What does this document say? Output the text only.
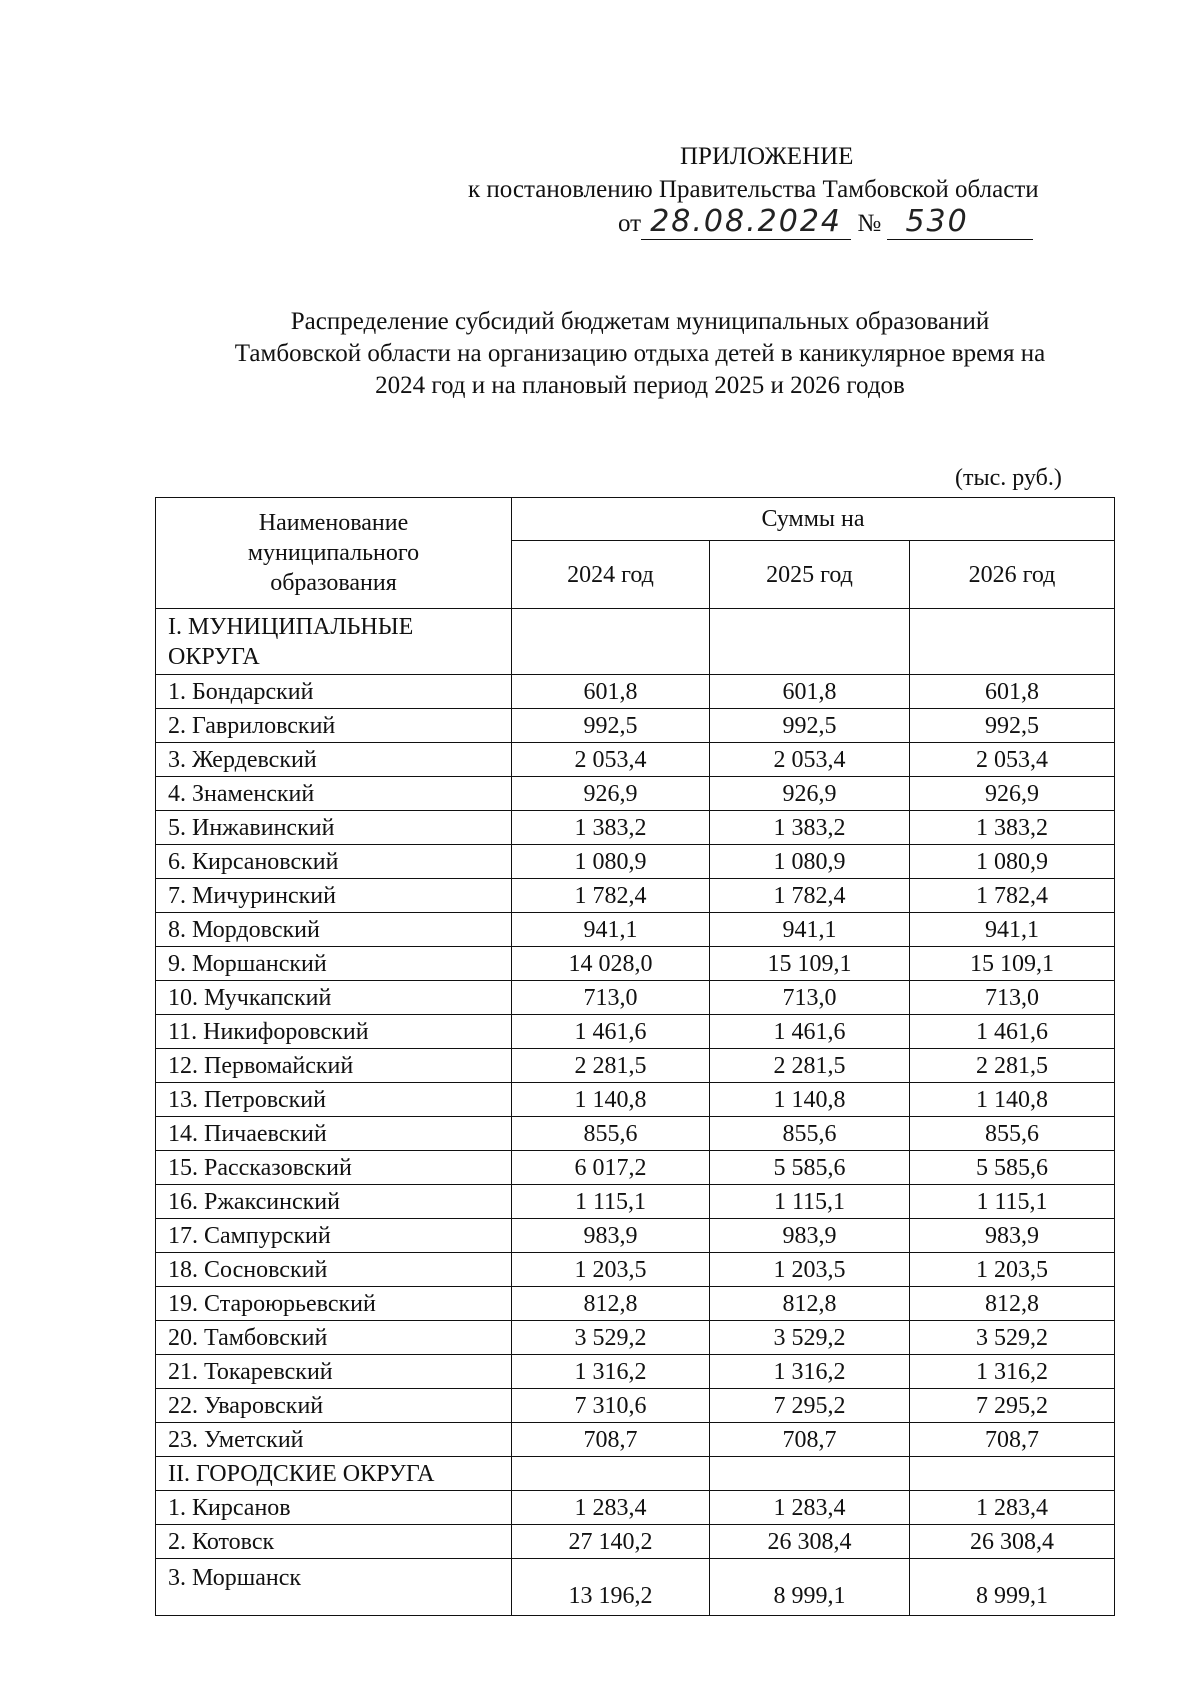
ПРИЛОЖЕНИЕ
к постановлению Правительства Тамбовской области
от 28.08.2024 № 530
Распределение субсидий бюджетам муниципальных образований
Тамбовской области на организацию отдыха детей в каникулярное время на
2024 год и на плановый период 2025 и 2026 годов
(тыс. руб.)
Наименование
муниципального
образования	Суммы на		
	2024 год	2025 год	2026 год

I. МУНИЦИПАЛЬНЫЕ
ОКРУГА			

1. Бондарский	601,8	601,8	601,8
2. Гавриловский	992,5	992,5	992,5
3. Жердевский	2 053,4	2 053,4	2 053,4
4. Знаменский	926,9	926,9	926,9
5. Инжавинский	1 383,2	1 383,2	1 383,2
6. Кирсановский	1 080,9	1 080,9	1 080,9
7. Мичуринский	1 782,4	1 782,4	1 782,4
8. Мордовский	941,1	941,1	941,1
9. Моршанский	14 028,0	15 109,1	15 109,1
10. Мучкапский	713,0	713,0	713,0
11. Никифоровский	1 461,6	1 461,6	1 461,6
12. Первомайский	2 281,5	2 281,5	2 281,5
13. Петровский	1 140,8	1 140,8	1 140,8
14. Пичаевский	855,6	855,6	855,6
15. Рассказовский	6 017,2	5 585,6	5 585,6
16. Ржаксинский	1 115,1	1 115,1	1 115,1
17. Сампурский	983,9	983,9	983,9
18. Сосновский	1 203,5	1 203,5	1 203,5
19. Староюрьевский	812,8	812,8	812,8
20. Тамбовский	3 529,2	3 529,2	3 529,2
21. Токаревский	1 316,2	1 316,2	1 316,2
22. Уваровский	7 310,6	7 295,2	7 295,2
23. Уметский	708,7	708,7	708,7
II. ГОРОДСКИЕ ОКРУГА			
1. Кирсанов	1 283,4	1 283,4	1 283,4
2. Котовск	27 140,2	26 308,4	26 308,4
3. Моршанск	13 196,2	8 999,1	8 999,1
